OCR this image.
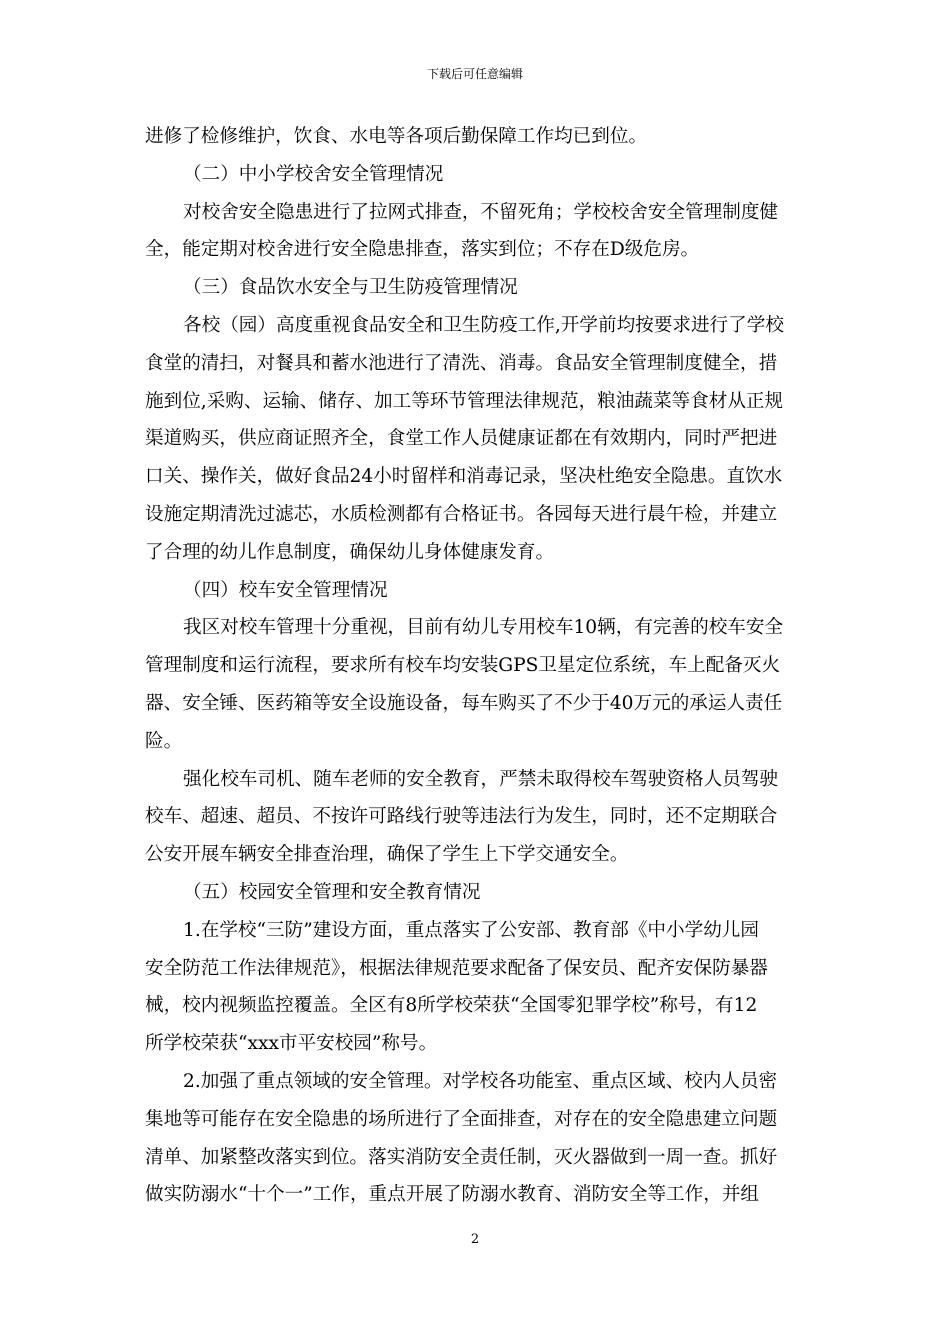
下载后可任意编辑

进修了检修维护，饮食、水电等各项后勤保障工作均已到位。

（二）中小学校舍安全管理情况

对校舍安全隐患进行了拉网式排查，不留死角；学校校舍安全管理制度健

全，能定期对校舍进行安全隐患排查，落实到位；不存在D级危房。

（三）食品饮水安全与卫生防疫管理情况

各校（园）高度重视食品安全和卫生防疫工作,开学前均按要求进行了学校

食堂的清扫，对餐具和蓄水池进行了清洗、消毒。食品安全管理制度健全，措

施到位,采购、运输、储存、加工等环节管理法律规范，粮油蔬菜等食材从正规

渠道购买，供应商证照齐全，食堂工作人员健康证都在有效期内，同时严把进

口关、操作关，做好食品24小时留样和消毒记录，坚决杜绝安全隐患。直饮水

设施定期清洗过滤芯，水质检测都有合格证书。各园每天进行晨午检，并建立

了合理的幼儿作息制度，确保幼儿身体健康发育。

（四）校车安全管理情况

我区对校车管理十分重视，目前有幼儿专用校车10辆，有完善的校车安全

管理制度和运行流程，要求所有校车均安装GPS卫星定位系统，车上配备灭火

器、安全锤、医药箱等安全设施设备，每车购买了不少于40万元的承运人责任

险。

强化校车司机、随车老师的安全教育，严禁未取得校车驾驶资格人员驾驶

校车、超速、超员、不按许可路线行驶等违法行为发生，同时，还不定期联合

公安开展车辆安全排查治理，确保了学生上下学交通安全。

（五）校园安全管理和安全教育情况

1.在学校“三防”建设方面，重点落实了公安部、教育部《中小学幼儿园

安全防范工作法律规范》，根据法律规范要求配备了保安员、配齐安保防暴器

械，校内视频监控覆盖。全区有8所学校荣获“全国零犯罪学校”称号，有12

所学校荣获“xxx市平安校园”称号。

2.加强了重点领域的安全管理。对学校各功能室、重点区域、校内人员密

集地等可能存在安全隐患的场所进行了全面排查，对存在的安全隐患建立问题

清单、加紧整改落实到位。落实消防安全责任制，灭火器做到一周一查。抓好

做实防溺水“十个一”工作，重点开展了防溺水教育、消防安全等工作，并组

2
